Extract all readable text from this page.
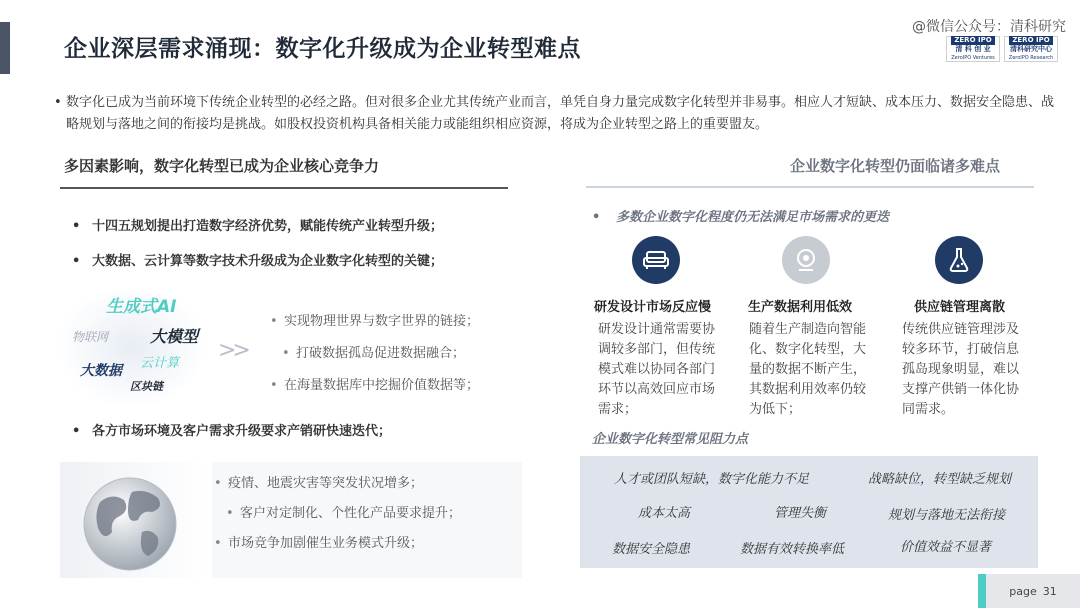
企业深层需求涌现：数字化升级成为企业转型难点
@微信公众号：清科研究
ZERO IPO
清 科 创 业
ZeroIPO Ventures
ZERO IPO
清科研究中心
ZeroIPO Research
• 数字化已成为当前环境下传统企业转型的必经之路。但对很多企业尤其传统产业而言，单凭自身力量完成数字化转型并非易事。相应人才短缺、成本压力、数据安全隐患、战略规划与落地之间的衔接均是挑战。如股权投资机构具备相关能力或能组织相应资源，将成为企业转型之路上的重要盟友。
多因素影响，数字化转型已成为企业核心竞争力	企业数字化转型仍面临诸多难点
• 十四五规划提出打造数字经济优势，赋能传统产业转型升级；
• 大数据、云计算等数字技术升级成为企业数字化转型的关键；
生成式AI
物联网	大模型
云计算
大数据
区块链
>>
• 实现物理世界与数字世界的链接；
• 打破数据孤岛促进数据融合；
• 在海量数据库中挖掘价值数据等；
• 各方市场环境及客户需求升级要求产销研快速迭代；
• 疫情、地震灾害等突发状况增多；
• 客户对定制化、个性化产品要求提升；
• 市场竞争加剧催生业务模式升级；
• 多数企业数字化程度仍无法满足市场需求的更迭
研发设计市场反应慢	生产数据利用低效	供应链管理离散
研发设计通常需要协调较多部门，但传统模式难以协同各部门环节以高效回应市场需求；
随着生产制造向智能化、数字化转型，大量的数据不断产生，其数据利用效率仍较为低下；
传统供应链管理涉及较多环节，打破信息孤岛现象明显，难以支撑产供销一体化协同需求。
企业数字化转型常见阻力点
人才或团队短缺，数字化能力不足	战略缺位，转型缺乏规划
成本太高	管理失衡	规划与落地无法衔接
数据安全隐患	数据有效转换率低	价值效益不显著
page 31
